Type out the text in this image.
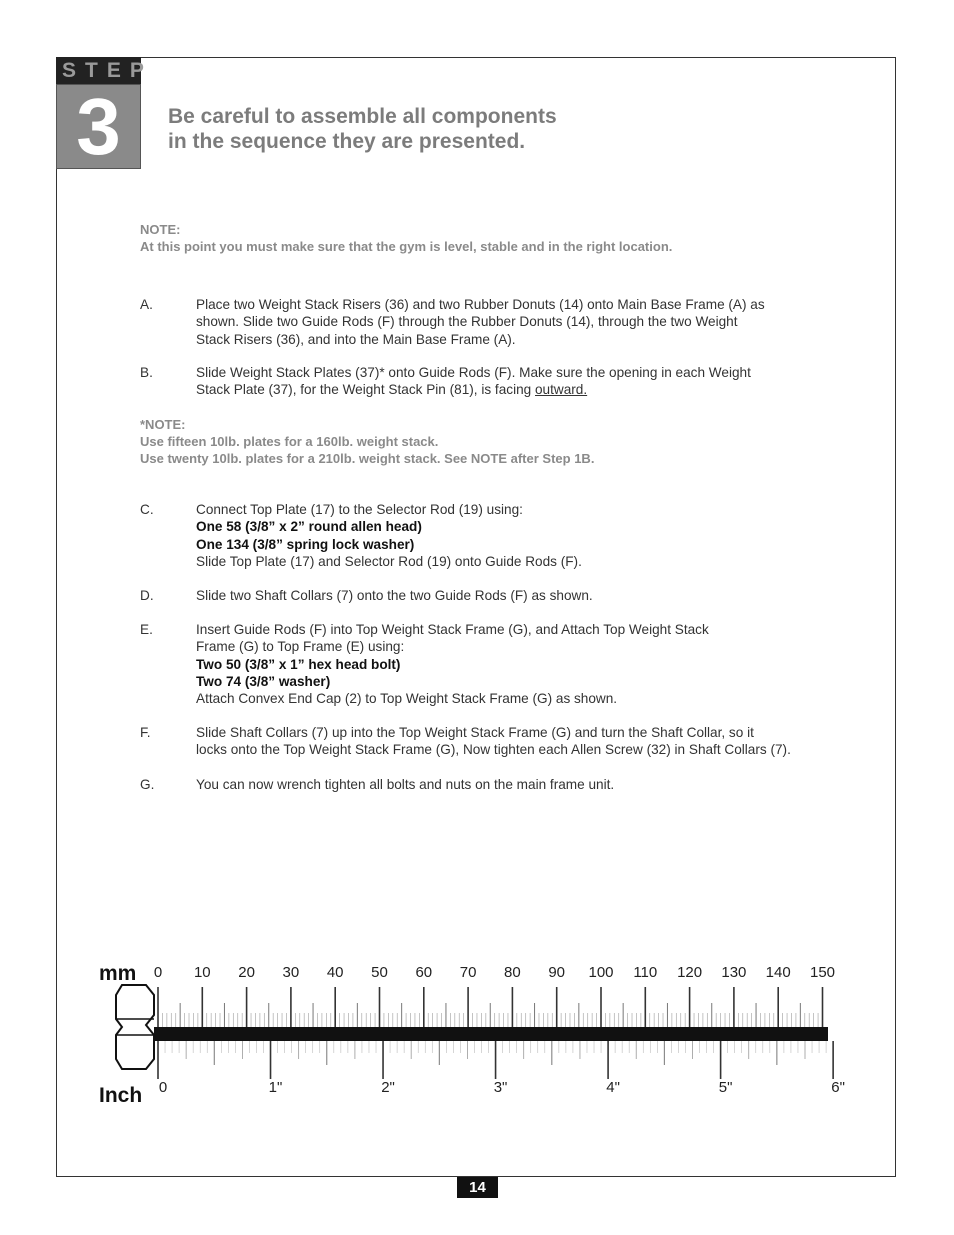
STEP
3	Be careful to assemble all components
in the sequence they are presented.
NOTE:
At this point you must make sure that the gym is level, stable and in the right location.
A.	Place two Weight Stack Risers (36) and two Rubber Donuts (14) onto Main Base Frame (A) as
shown. Slide two Guide Rods (F) through the Rubber Donuts (14), through the two Weight
Stack Risers (36), and into the Main Base Frame (A).
B.	Slide Weight Stack Plates (37)* onto Guide Rods (F). Make sure the opening in each Weight
Stack Plate (37), for the Weight Stack Pin (81), is facing outward.
*NOTE:
Use fifteen 10lb. plates for a 160lb. weight stack.
Use twenty 10lb. plates for a 210lb. weight stack. See NOTE after Step 1B.
C.	Connect Top Plate (17) to the Selector Rod (19) using:
One 58 (3/8” x 2” round allen head)
One 134 (3/8” spring lock washer)
Slide Top Plate (17) and Selector Rod (19) onto Guide Rods (F).
D.	Slide two Shaft Collars (7) onto the two Guide Rods (F) as shown.
E.	Insert Guide Rods (F) into Top Weight Stack Frame (G), and Attach Top Weight Stack
Frame (G) to Top Frame (E) using:
Two 50 (3/8” x 1” hex head bolt)
Two 74 (3/8” washer)
Attach Convex End Cap (2) to Top Weight Stack Frame (G) as shown.
F.	Slide Shaft Collars (7) up into the Top Weight Stack Frame (G) and turn the Shaft Collar, so it
locks onto the Top Weight Stack Frame (G), Now tighten each Allen Screw (32) in Shaft Collars (7).
G.	You can now wrench tighten all bolts and nuts on the main frame unit.
mm
Inch
0 10 20 30 40 50 60 70 80 90 100 110 120 130 140 150
0	1"	2"	3"	4"	5"	6"
14
